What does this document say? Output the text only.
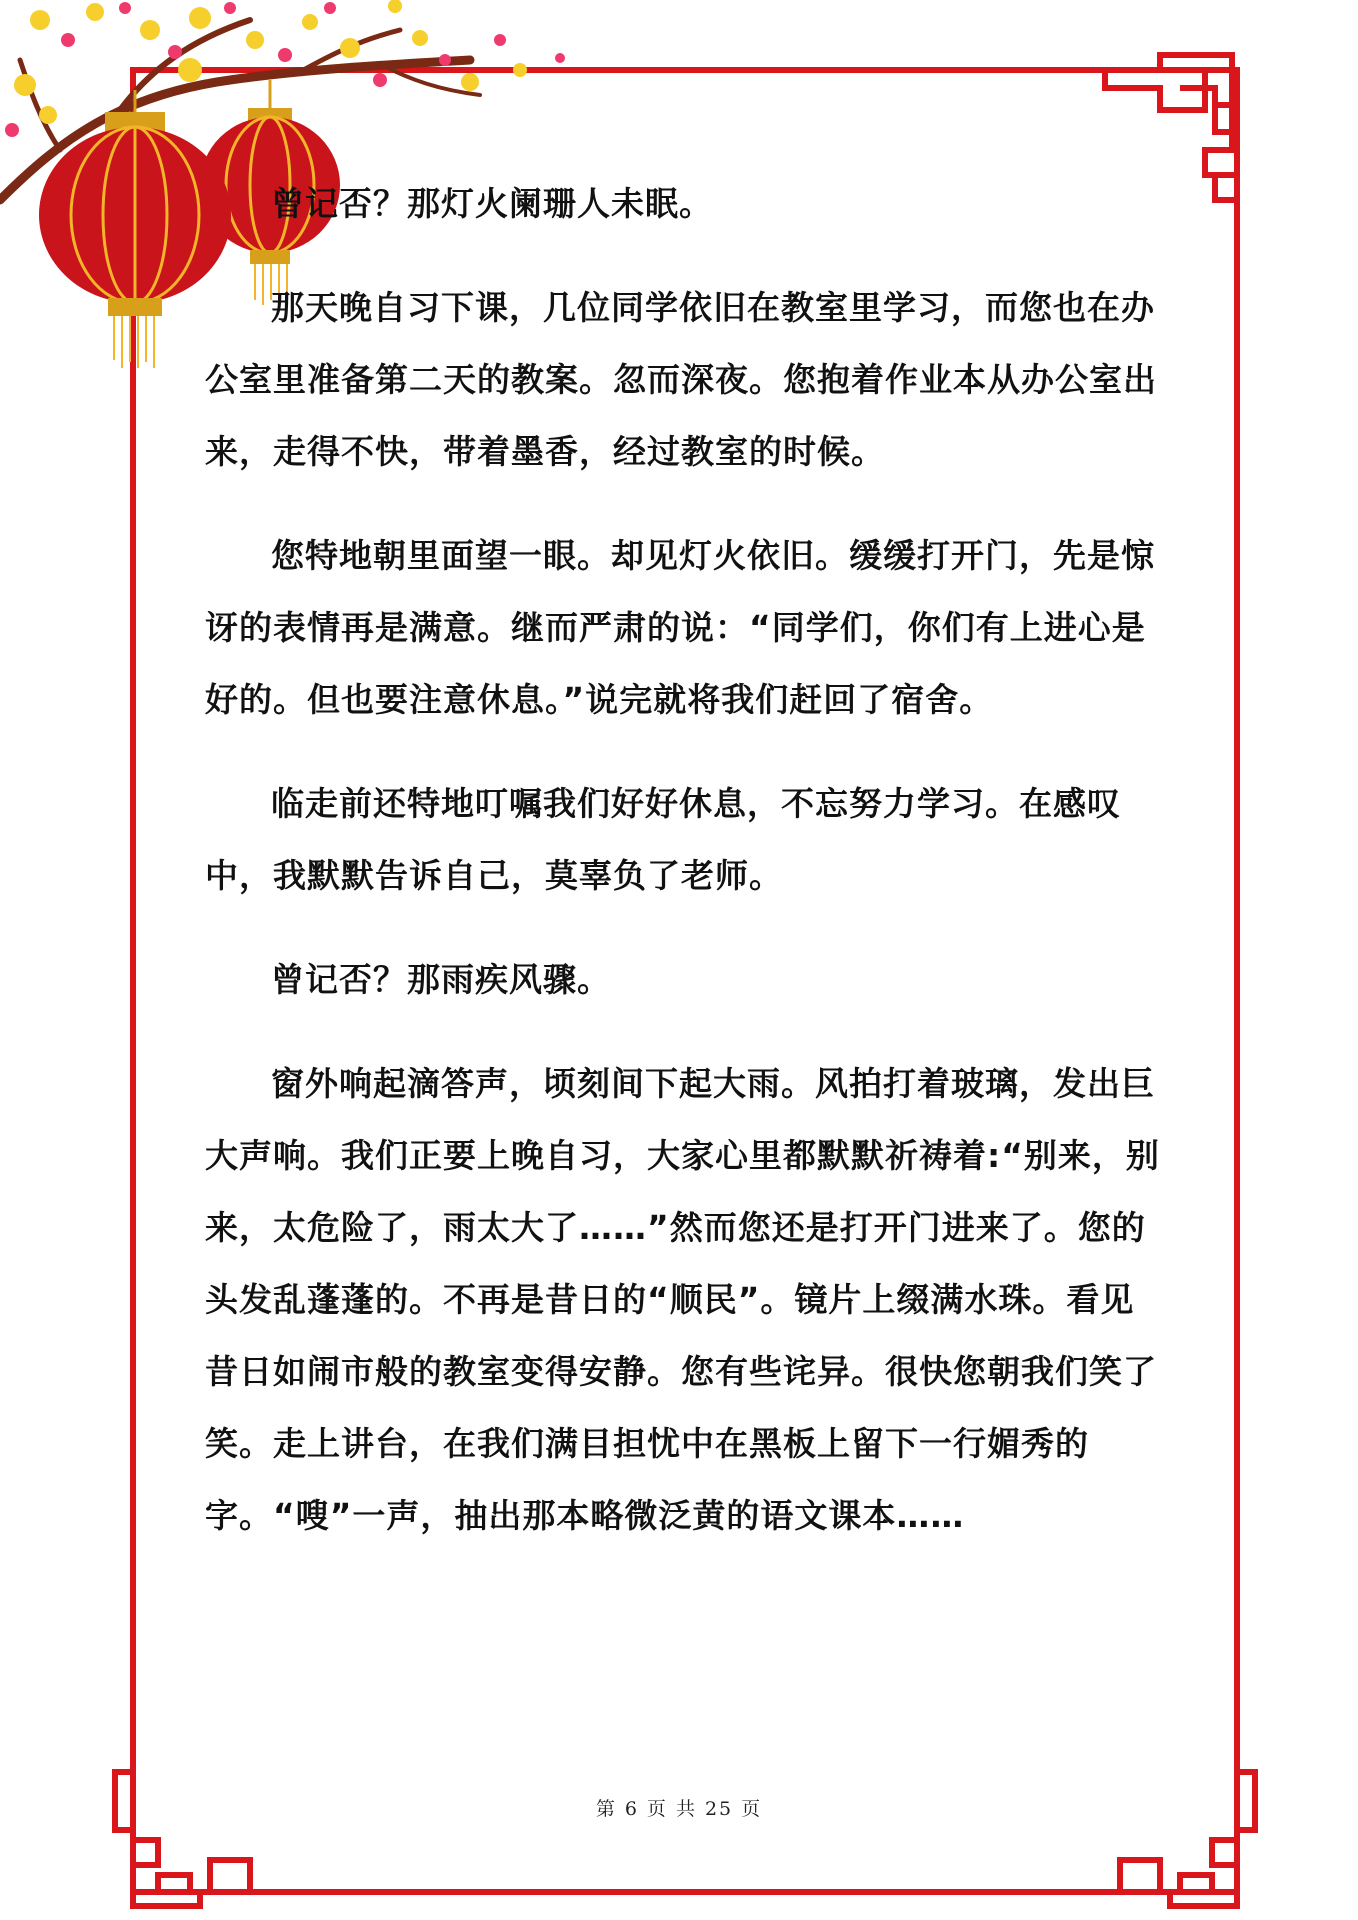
曾记否？那灯火阑珊人未眠。

那天晚自习下课，几位同学依旧在教室里学习，而您也在办公室里准备第二天的教案。忽而深夜。您抱着作业本从办公室出来，走得不快，带着墨香，经过教室的时候。

您特地朝里面望一眼。却见灯火依旧。缓缓打开门，先是惊讶的表情再是满意。继而严肃的说：“同学们，你们有上进心是好的。但也要注意休息。”说完就将我们赶回了宿舍。

临走前还特地叮嘱我们好好休息，不忘努力学习。在感叹中，我默默告诉自己，莫辜负了老师。

曾记否？那雨疾风骤。

窗外响起滴答声，顷刻间下起大雨。风拍打着玻璃，发出巨大声响。我们正要上晚自习，大家心里都默默祈祷着:“别来，别来，太危险了，雨太大了……”然而您还是打开门进来了。您的头发乱蓬蓬的。不再是昔日的“顺民”。镜片上缀满水珠。看见昔日如闹市般的教室变得安静。您有些诧异。很快您朝我们笑了笑。走上讲台，在我们满目担忧中在黑板上留下一行媚秀的字。“嗖”一声，抽出那本略微泛黄的语文课本……

第 6 页 共 25 页
